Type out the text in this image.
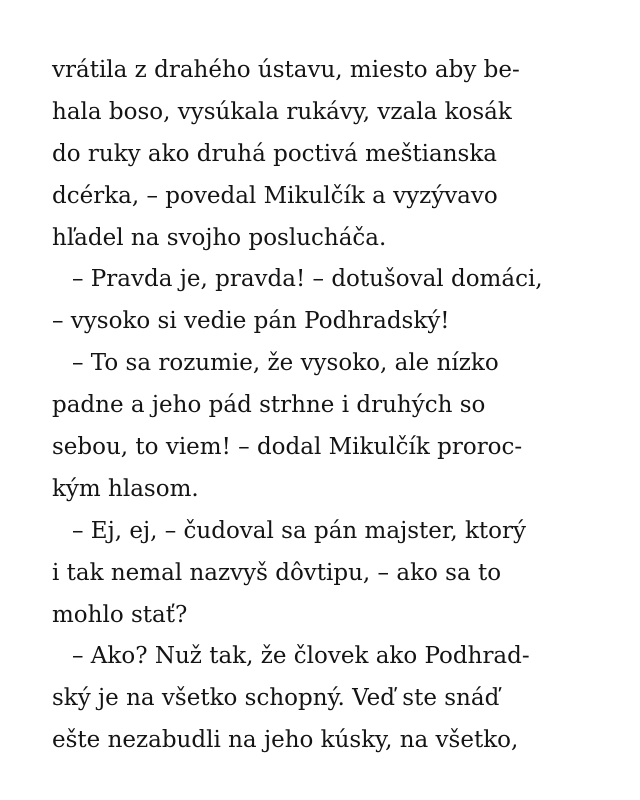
vrátila z drahého ústavu, miesto aby be-
hala boso, vysúkala rukávy, vzala kosák
do ruky ako druhá poctivá meštianska
dcérka, – povedal Mikulčík a vyzývavo
hľadel na svojho poslucháča.
– Pravda je, pravda! – dotušoval domáci,
– vysoko si vedie pán Podhradský!
– To sa rozumie, že vysoko, ale nízko
padne a jeho pád strhne i druhých so
sebou, to viem! – dodal Mikulčík proroc-
kým hlasom.
– Ej, ej, – čudoval sa pán majster, ktorý
i tak nemal nazvyš dôvtipu, – ako sa to
mohlo stať?
– Ako? Nuž tak, že človek ako Podhrad-
ský je na všetko schopný. Veď ste snáď
ešte nezabudli na jeho kúsky, na všetko,
